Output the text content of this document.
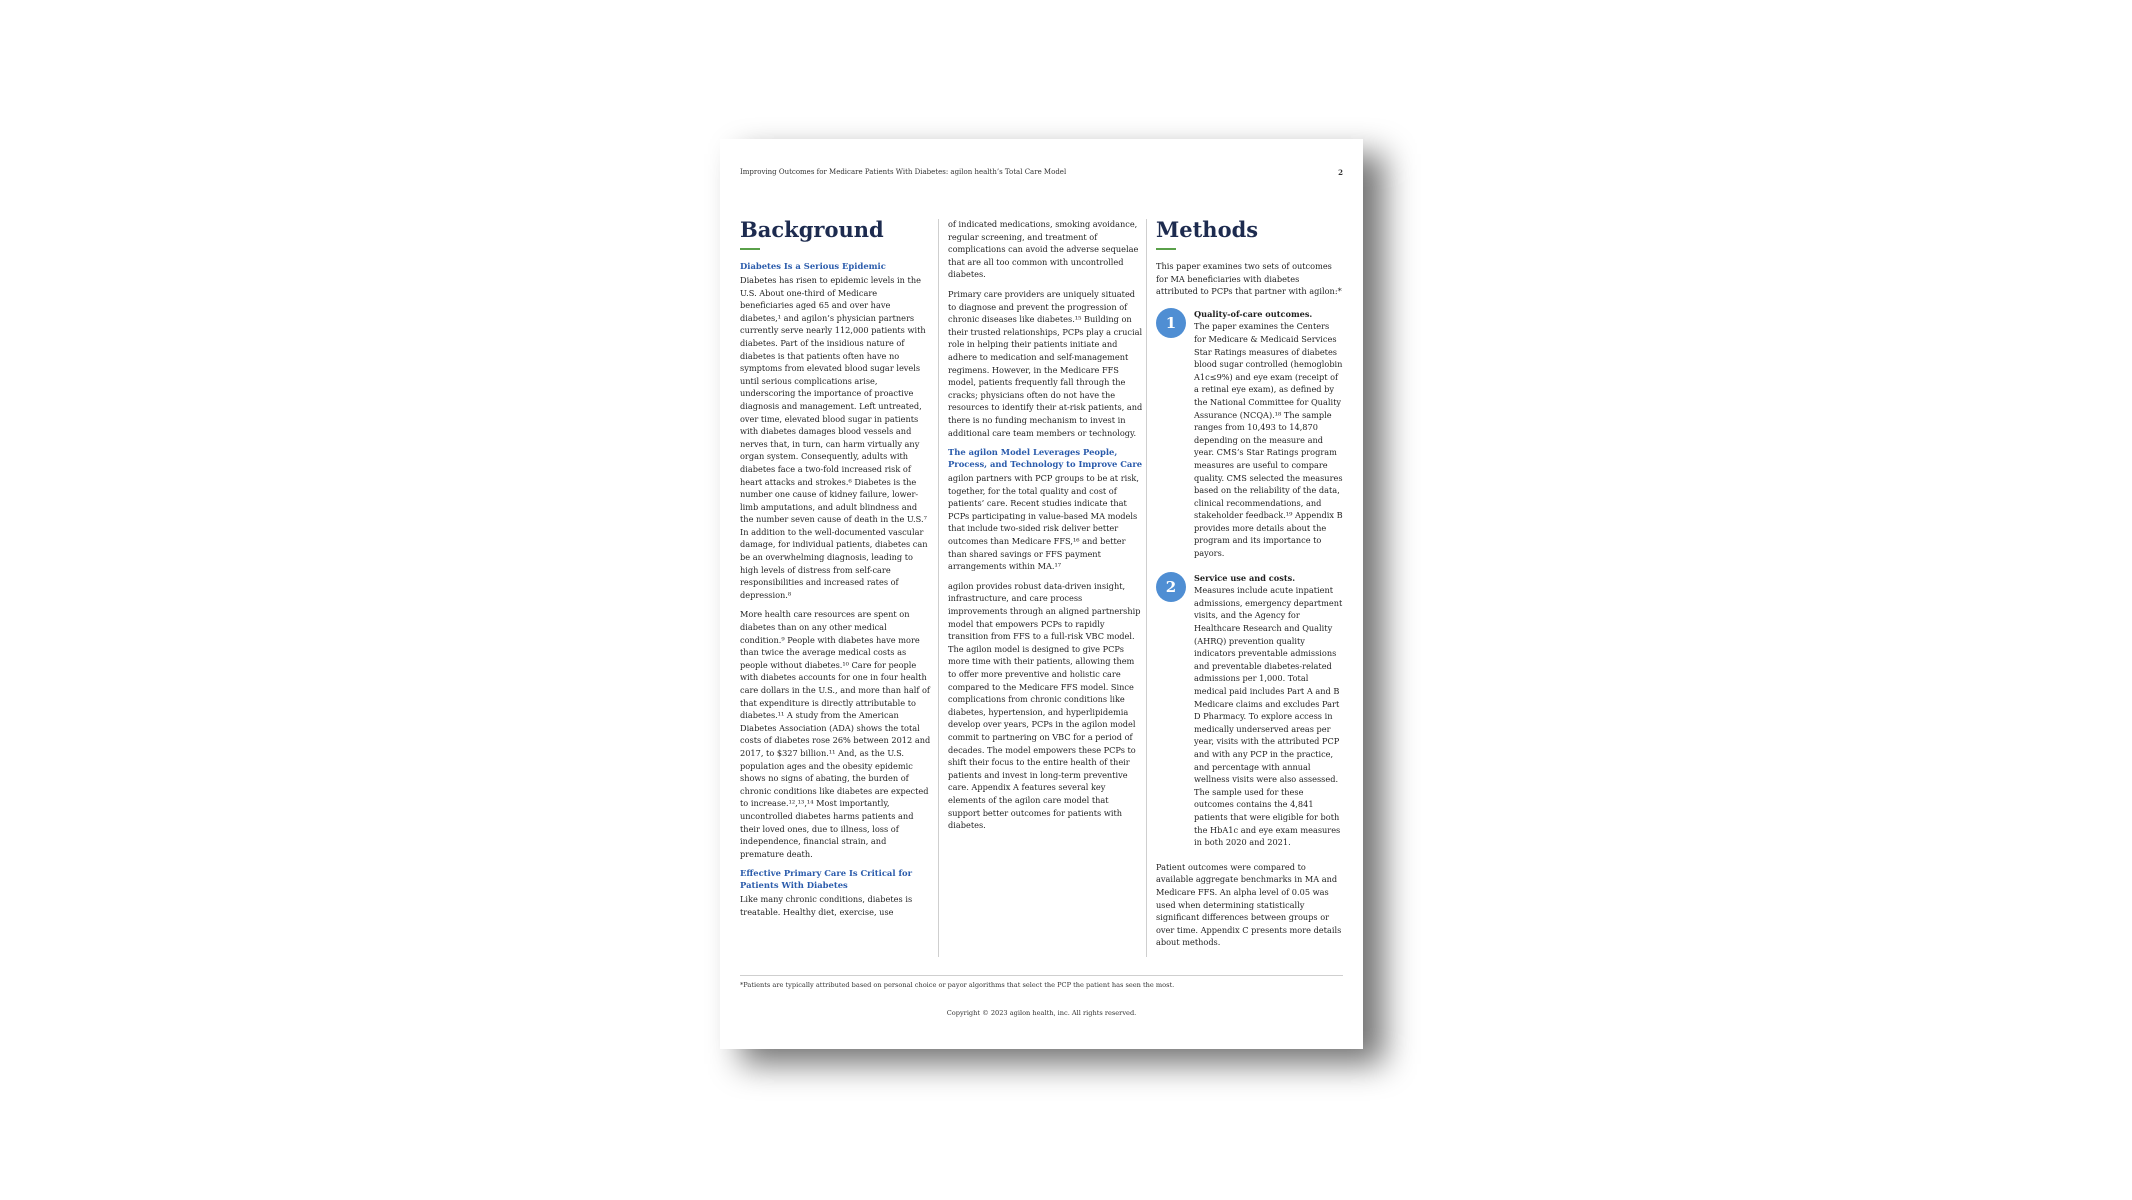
Improving Outcomes for Medicare Patients With Diabetes: agilon health’s Total Care Model	2
Background
Diabetes Is a Serious Epidemic

Diabetes has risen to epidemic levels in the U.S. About one-third of Medicare beneficiaries aged 65 and over have diabetes,¹ and agilon’s physician partners currently serve nearly 112,000 patients with diabetes. Part of the insidious nature of diabetes is that patients often have no symptoms from elevated blood sugar levels until serious complications arise, underscoring the importance of proactive diagnosis and management. Left untreated, over time, elevated blood sugar in patients with diabetes damages blood vessels and nerves that, in turn, can harm virtually any organ system. Consequently, adults with diabetes face a two-fold increased risk of heart attacks and strokes.⁶ Diabetes is the number one cause of kidney failure, lower-limb amputations, and adult blindness and the number seven cause of death in the U.S.⁷ In addition to the well-documented vascular damage, for individual patients, diabetes can be an overwhelming diagnosis, leading to high levels of distress from self-care responsibilities and increased rates of depression.⁸

More health care resources are spent on diabetes than on any other medical condition.⁹ People with diabetes have more than twice the average medical costs as people without diabetes.¹⁰ Care for people with diabetes accounts for one in four health care dollars in the U.S., and more than half of that expenditure is directly attributable to diabetes.¹¹ A study from the American Diabetes Association (ADA) shows the total costs of diabetes rose 26% between 2012 and 2017, to $327 billion.¹¹ And, as the U.S. population ages and the obesity epidemic shows no signs of abating, the burden of chronic conditions like diabetes are expected to increase.¹²,¹³,¹⁴ Most importantly, uncontrolled diabetes harms patients and their loved ones, due to illness, loss of independence, financial strain, and premature death.

Effective Primary Care Is Critical for Patients With Diabetes

Like many chronic conditions, diabetes is treatable. Healthy diet, exercise, use

of indicated medications, smoking avoidance, regular screening, and treatment of complications can avoid the adverse sequelae that are all too common with uncontrolled diabetes.

Primary care providers are uniquely situated to diagnose and prevent the progression of chronic diseases like diabetes.¹⁵ Building on their trusted relationships, PCPs play a crucial role in helping their patients initiate and adhere to medication and self-management regimens. However, in the Medicare FFS model, patients frequently fall through the cracks; physicians often do not have the resources to identify their at-risk patients, and there is no funding mechanism to invest in additional care team members or technology.

The agilon Model Leverages People, Process, and Technology to Improve Care

agilon partners with PCP groups to be at risk, together, for the total quality and cost of patients’ care. Recent studies indicate that PCPs participating in value-based MA models that include two-sided risk deliver better outcomes than Medicare FFS,¹⁶ and better than shared savings or FFS payment arrangements within MA.¹⁷

agilon provides robust data-driven insight, infrastructure, and care process improvements through an aligned partnership model that empowers PCPs to rapidly transition from FFS to a full-risk VBC model. The agilon model is designed to give PCPs more time with their patients, allowing them to offer more preventive and holistic care compared to the Medicare FFS model. Since complications from chronic conditions like diabetes, hypertension, and hyperlipidemia develop over years, PCPs in the agilon model commit to partnering on VBC for a period of decades. The model empowers these PCPs to shift their focus to the entire health of their patients and invest in long-term preventive care. Appendix A features several key elements of the agilon care model that support better outcomes for patients with diabetes.

Methods

This paper examines two sets of outcomes for MA beneficiaries with diabetes attributed to PCPs that partner with agilon:*

1	Quality-of-care outcomes.
The paper examines the Centers for Medicare & Medicaid Services Star Ratings measures of diabetes blood sugar controlled (hemoglobin A1c≤9%) and eye exam (receipt of a retinal eye exam), as defined by the National Committee for Quality Assurance (NCQA).¹⁸ The sample ranges from 10,493 to 14,870 depending on the measure and year. CMS’s Star Ratings program measures are useful to compare quality. CMS selected the measures based on the reliability of the data, clinical recommendations, and stakeholder feedback.¹⁹ Appendix B provides more details about the program and its importance to payors.
2	Service use and costs.
Measures include acute inpatient admissions, emergency department visits, and the Agency for Healthcare Research and Quality (AHRQ) prevention quality indicators preventable admissions and preventable diabetes-related admissions per 1,000. Total medical paid includes Part A and B Medicare claims and excludes Part D Pharmacy. To explore access in medically underserved areas per year, visits with the attributed PCP and with any PCP in the practice, and percentage with annual wellness visits were also assessed. The sample used for these outcomes contains the 4,841 patients that were eligible for both the HbA1c and eye exam measures in both 2020 and 2021.

Patient outcomes were compared to available aggregate benchmarks in MA and Medicare FFS. An alpha level of 0.05 was used when determining statistically significant differences between groups or over time. Appendix C presents more details about methods.

*Patients are typically attributed based on personal choice or payor algorithms that select the PCP the patient has seen the most.
Copyright © 2023 agilon health, inc. All rights reserved.
